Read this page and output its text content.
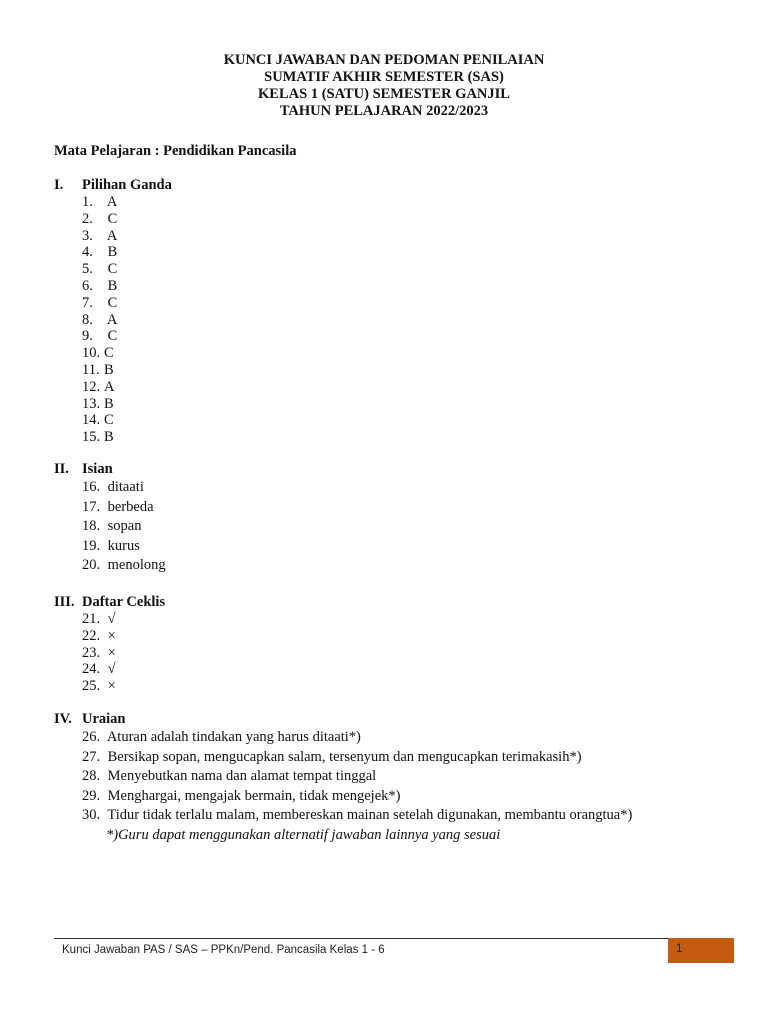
KUNCI JAWABAN DAN PEDOMAN PENILAIAN
SUMATIF AKHIR SEMESTER (SAS)
KELAS 1 (SATU) SEMESTER GANJIL
TAHUN PELAJARAN 2022/2023
Mata Pelajaran : Pendidikan Pancasila
I. Pilihan Ganda
1. A
2. C
3. A
4. B
5. C
6. B
7. C
8. A
9. C
10. C
11. B
12. A
13. B
14. C
15. B
II. Isian
16. ditaati
17. berbeda
18. sopan
19. kurus
20. menolong
III. Daftar Ceklis
21. √
22. ×
23. ×
24. √
25. ×
IV. Uraian
26. Aturan adalah tindakan yang harus ditaati*)
27. Bersikap sopan, mengucapkan salam, tersenyum dan mengucapkan terimakasih*)
28. Menyebutkan nama dan alamat tempat tinggal
29. Menghargai, mengajak bermain, tidak mengejek*)
30. Tidur tidak terlalu malam, membereskan mainan setelah digunakan, membantu orangtua*)
*)Guru dapat menggunakan alternatif jawaban lainnya yang sesuai
Kunci Jawaban PAS / SAS – PPKn/Pend. Pancasila Kelas 1 - 6	1
